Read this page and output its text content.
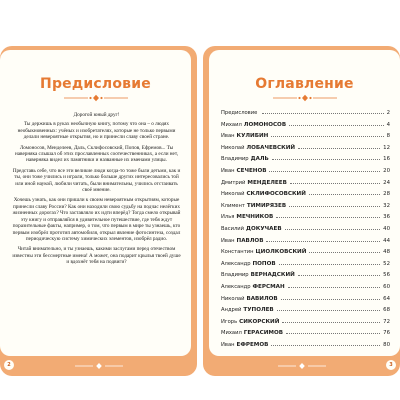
Предисловие

Дорогой юный друг!

Ты держишь в руках необычную книгу, потому что она – о людях необыкновенных: учёных и изобретателях, которые не только первыми делали невероятные открытия, но и принесли славу своей стране.

Ломоносов, Менделеев, Даль, Склифосовский, Попов, Ефремов... Ты наверняка слышал об этих прославленных соотечественниках, а если нет, наверняка видел их памятники и названные их именами улицы.

Представь себе, что все эти великие люди когда-то тоже были детьми, как и ты, они тоже учились и играли, только больше других интересовались той или иной наукой, любили читать, были внимательны, учились отстаивать своё мнение.

Хочешь узнать, как они пришли к своим невероятным открытиям, которые принесли славу России? Как они находили свою судьбу на подчас нелёгких жизненных дорогах? Что заставляло их идти вперёд? Тогда смело открывай эту книгу и отправляйся в удивительное путешествие, где тебя ждут поразительные факты, например, о том, что первым в мире ты узнаешь, кто первым изобрёл прототип автомобиля, открыл явление фотосинтеза, создал периодическую систему химических элементов, изобрёл радио.

Читай внимательно, и ты узнаешь, какими заслугами перед отечеством известны эти бессмертные имена! А может, она подарит крылья твоей душе и вдохнёт тебя на подвиги?

2
Оглавление
Предисловие	2
Михаил ЛОМОНОСОВ	4
Иван КУЛИБИН	8
Николай ЛОБАЧЕВСКИЙ	12
Владимир ДАЛЬ	16
Иван СЕЧЕНОВ	20
Дмитрий МЕНДЕЛЕЕВ	24
Николай СКЛИФОСОВСКИЙ	28
Климент ТИМИРЯЗЕВ	32
Илья МЕЧНИКОВ	36
Василий ДОКУЧАЕВ	40
Иван ПАВЛОВ	44
Константин ЦИОЛКОВСКИЙ	48
Александр ПОПОВ	52
Владимир ВЕРНАДСКИЙ	56
Александр ФЕРСМАН	60
Николай ВАВИЛОВ	64
Андрей ТУПОЛЕВ	68
Игорь СИКОРСКИЙ	72
Михаил ГЕРАСИМОВ	76
Иван ЕФРЕМОВ	80
3
